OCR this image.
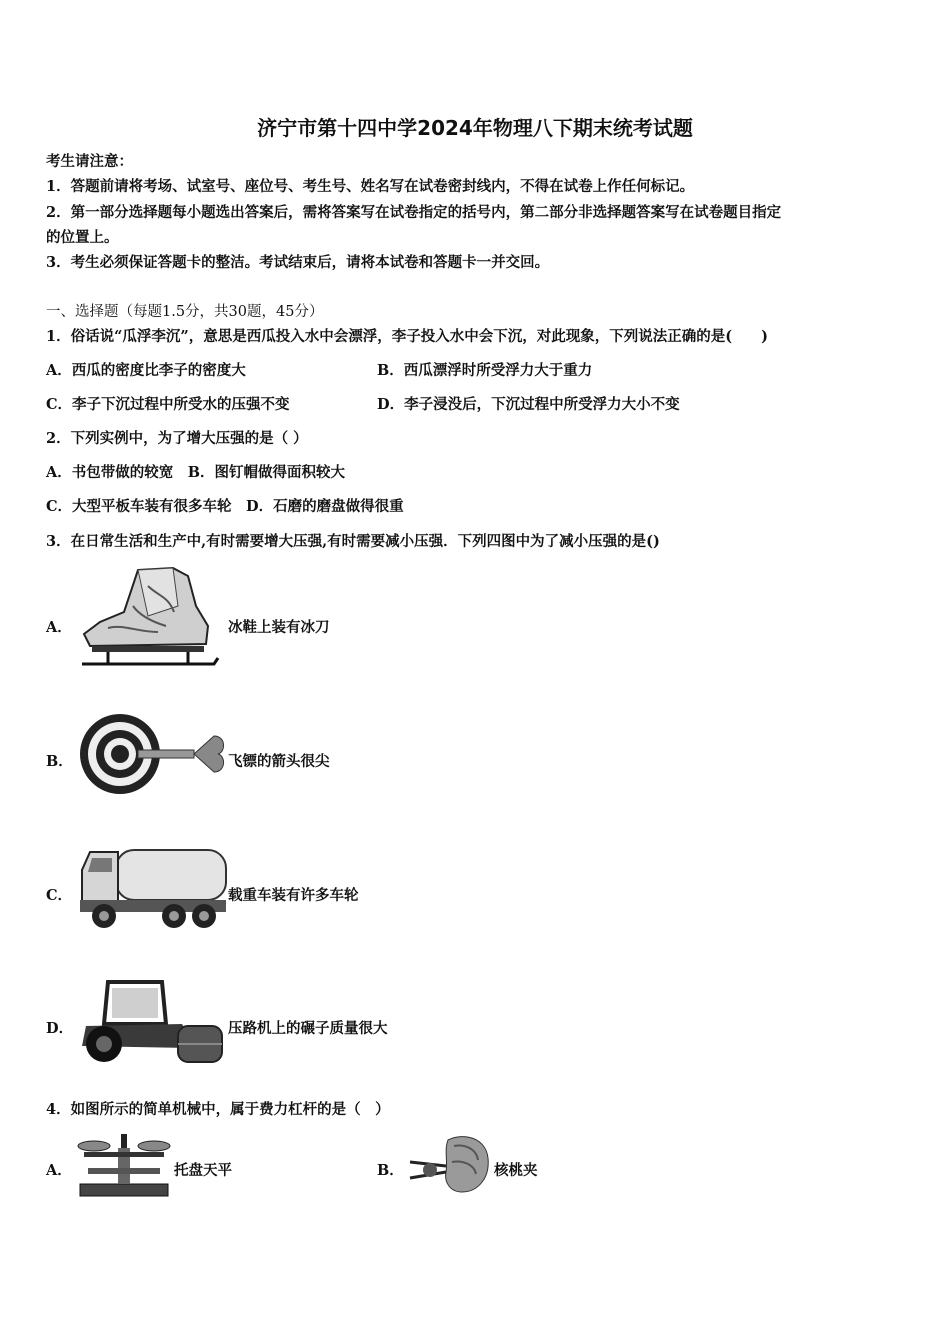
济宁市第十四中学2024年物理八下期末统考试题
考生请注意：
1．答题前请将考场、试室号、座位号、考生号、姓名写在试卷密封线内，不得在试卷上作任何标记。
2．第一部分选择题每小题选出答案后，需将答案写在试卷指定的括号内，第二部分非选择题答案写在试卷题目指定
的位置上。
3．考生必须保证答题卡的整洁。考试结束后，请将本试卷和答题卡一并交回。
一、选择题（每题1.5分，共30题，45分）
1．俗话说“瓜浮李沉”，意思是西瓜投入水中会漂浮，李子投入水中会下沉，对此现象，下列说法正确的是(　　)
A．西瓜的密度比李子的密度大	B．西瓜漂浮时所受浮力大于重力
C．李子下沉过程中所受水的压强不变	D．李子浸没后，下沉过程中所受浮力大小不变
2．下列实例中，为了增大压强的是（ ）
A．书包带做的较宽　B．图钉帽做得面积较大
C．大型平板车装有很多车轮　D．石磨的磨盘做得很重
3．在日常生活和生产中,有时需要增大压强,有时需要减小压强．下列四图中为了减小压强的是()
A．	冰鞋上装有冰刀
B．	飞镖的箭头很尖
C．	载重车装有许多车轮
D．	压路机上的碾子质量很大
4．如图所示的简单机械中，属于费力杠杆的是（　）
A．	托盘天平	B．	核桃夹
